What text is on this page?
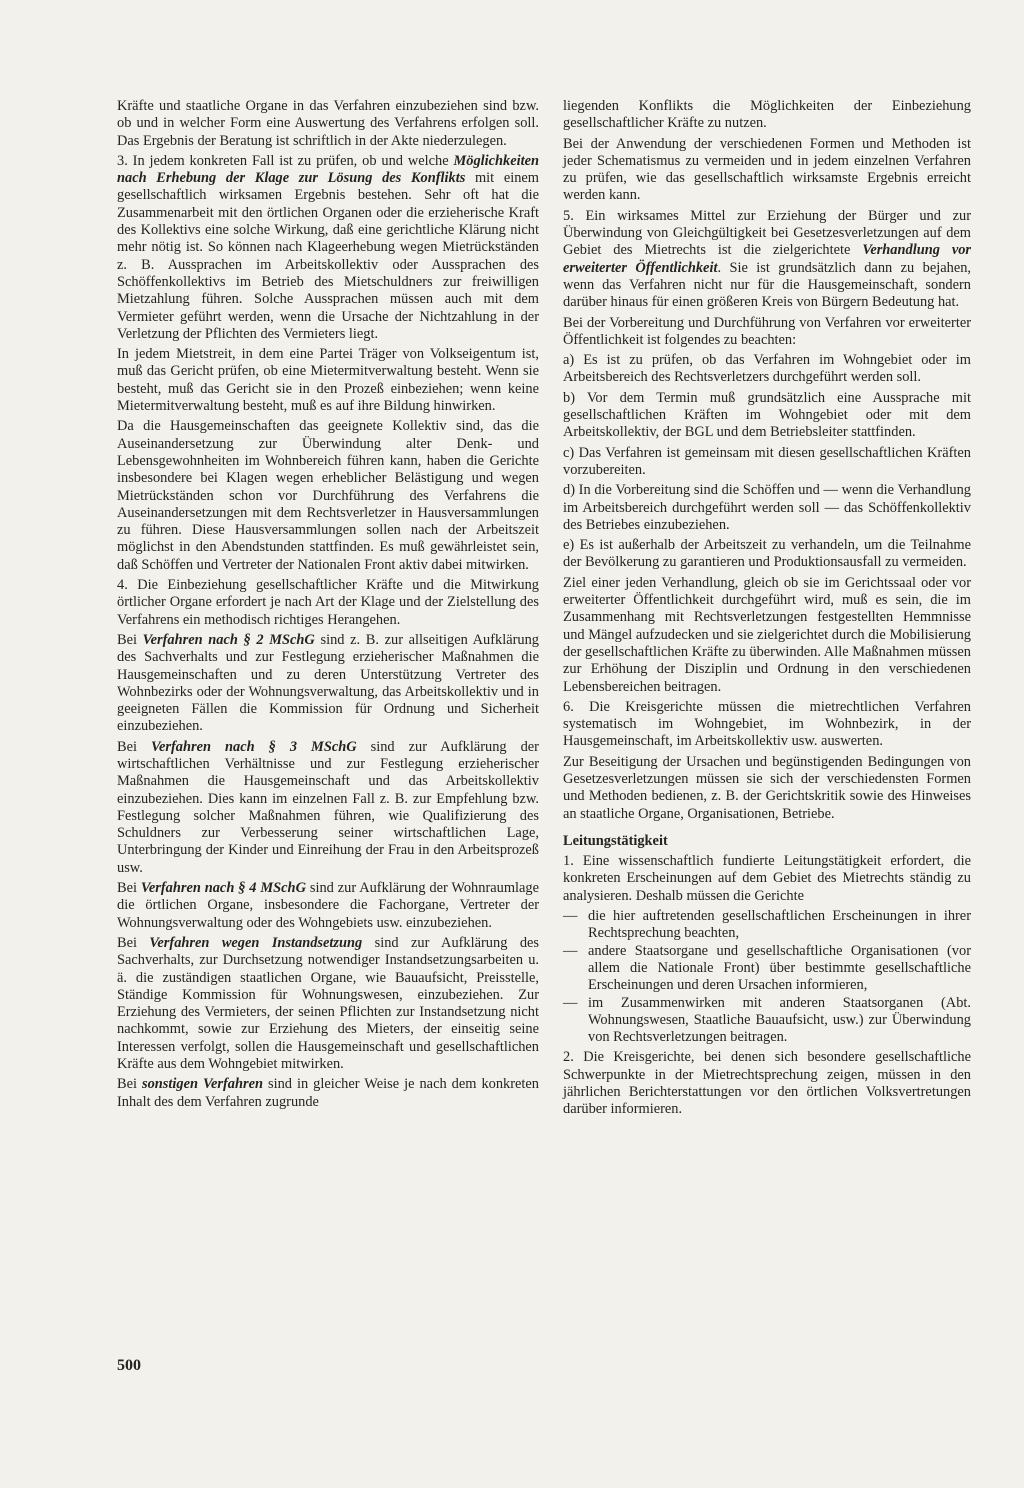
Kräfte und staatliche Organe in das Verfahren einzubeziehen sind bzw. ob und in welcher Form eine Auswertung des Verfahrens erfolgen soll. Das Ergebnis der Beratung ist schriftlich in der Akte niederzulegen.

3. In jedem konkreten Fall ist zu prüfen, ob und welche Möglichkeiten nach Erhebung der Klage zur Lösung des Konflikts mit einem gesellschaftlich wirksamen Ergebnis bestehen. Sehr oft hat die Zusammenarbeit mit den örtlichen Organen oder die erzieherische Kraft des Kollektivs eine solche Wirkung, daß eine gerichtliche Klärung nicht mehr nötig ist. So können nach Klageerhebung wegen Mietrückständen z. B. Aussprachen im Arbeitskollektiv oder Aussprachen des Schöffenkollektivs im Betrieb des Mietschuldners zur freiwilligen Mietzahlung führen. Solche Aussprachen müssen auch mit dem Vermieter geführt werden, wenn die Ursache der Nichtzahlung in der Verletzung der Pflichten des Vermieters liegt.

In jedem Mietstreit, in dem eine Partei Träger von Volkseigentum ist, muß das Gericht prüfen, ob eine Mietermitverwaltung besteht. Wenn sie besteht, muß das Gericht sie in den Prozeß einbeziehen; wenn keine Mietermitverwaltung besteht, muß es auf ihre Bildung hinwirken.

Da die Hausgemeinschaften das geeignete Kollektiv sind, das die Auseinandersetzung zur Überwindung alter Denk- und Lebensgewohnheiten im Wohnbereich führen kann, haben die Gerichte insbesondere bei Klagen wegen erheblicher Belästigung und wegen Mietrückständen schon vor Durchführung des Verfahrens die Auseinandersetzungen mit dem Rechtsverletzer in Hausversammlungen zu führen. Diese Hausversammlungen sollen nach der Arbeitszeit möglichst in den Abendstunden stattfinden. Es muß gewährleistet sein, daß Schöffen und Vertreter der Nationalen Front aktiv dabei mitwirken.

4. Die Einbeziehung gesellschaftlicher Kräfte und die Mitwirkung örtlicher Organe erfordert je nach Art der Klage und der Zielstellung des Verfahrens ein methodisch richtiges Herangehen.

Bei Verfahren nach § 2 MSchG sind z. B. zur allseitigen Aufklärung des Sachverhalts und zur Festlegung erzieherischer Maßnahmen die Hausgemeinschaften und zu deren Unterstützung Vertreter des Wohnbezirks oder der Wohnungsverwaltung, das Arbeitskollektiv und in geeigneten Fällen die Kommission für Ordnung und Sicherheit einzubeziehen.

Bei Verfahren nach § 3 MSchG sind zur Aufklärung der wirtschaftlichen Verhältnisse und zur Festlegung erzieherischer Maßnahmen die Hausgemeinschaft und das Arbeitskollektiv einzubeziehen. Dies kann im einzelnen Fall z. B. zur Empfehlung bzw. Festlegung solcher Maßnahmen führen, wie Qualifizierung des Schuldners zur Verbesserung seiner wirtschaftlichen Lage, Unterbringung der Kinder und Einreihung der Frau in den Arbeitsprozeß usw.

Bei Verfahren nach § 4 MSchG sind zur Aufklärung der Wohnraumlage die örtlichen Organe, insbesondere die Fachorgane, Vertreter der Wohnungsverwaltung oder des Wohngebiets usw. einzubeziehen.

Bei Verfahren wegen Instandsetzung sind zur Aufklärung des Sachverhalts, zur Durchsetzung notwendiger Instandsetzungsarbeiten u. ä. die zuständigen staatlichen Organe, wie Bauaufsicht, Preisstelle, Ständige Kommission für Wohnungswesen, einzubeziehen. Zur Erziehung des Vermieters, der seinen Pflichten zur Instandsetzung nicht nachkommt, sowie zur Erziehung des Mieters, der einseitig seine Interessen verfolgt, sollen die Hausgemeinschaft und gesellschaftlichen Kräfte aus dem Wohngebiet mitwirken.

Bei sonstigen Verfahren sind in gleicher Weise je nach dem konkreten Inhalt des dem Verfahren zugrunde

liegenden Konflikts die Möglichkeiten der Einbeziehung gesellschaftlicher Kräfte zu nutzen.

Bei der Anwendung der verschiedenen Formen und Methoden ist jeder Schematismus zu vermeiden und in jedem einzelnen Verfahren zu prüfen, wie das gesellschaftlich wirksamste Ergebnis erreicht werden kann.

5. Ein wirksames Mittel zur Erziehung der Bürger und zur Überwindung von Gleichgültigkeit bei Gesetzesverletzungen auf dem Gebiet des Mietrechts ist die zielgerichtete Verhandlung vor erweiterter Öffentlichkeit. Sie ist grundsätzlich dann zu bejahen, wenn das Verfahren nicht nur für die Hausgemeinschaft, sondern darüber hinaus für einen größeren Kreis von Bürgern Bedeutung hat.

Bei der Vorbereitung und Durchführung von Verfahren vor erweiterter Öffentlichkeit ist folgendes zu beachten:

a) Es ist zu prüfen, ob das Verfahren im Wohngebiet oder im Arbeitsbereich des Rechtsverletzers durchgeführt werden soll.

b) Vor dem Termin muß grundsätzlich eine Aussprache mit gesellschaftlichen Kräften im Wohngebiet oder mit dem Arbeitskollektiv, der BGL und dem Betriebsleiter stattfinden.

c) Das Verfahren ist gemeinsam mit diesen gesellschaftlichen Kräften vorzubereiten.

d) In die Vorbereitung sind die Schöffen und — wenn die Verhandlung im Arbeitsbereich durchgeführt werden soll — das Schöffenkollektiv des Betriebes einzubeziehen.

e) Es ist außerhalb der Arbeitszeit zu verhandeln, um die Teilnahme der Bevölkerung zu garantieren und Produktionsausfall zu vermeiden.

Ziel einer jeden Verhandlung, gleich ob sie im Gerichtssaal oder vor erweiterter Öffentlichkeit durchgeführt wird, muß es sein, die im Zusammenhang mit Rechtsverletzungen festgestellten Hemmnisse und Mängel aufzudecken und sie zielgerichtet durch die Mobilisierung der gesellschaftlichen Kräfte zu überwinden. Alle Maßnahmen müssen zur Erhöhung der Disziplin und Ordnung in den verschiedenen Lebensbereichen beitragen.

6. Die Kreisgerichte müssen die mietrechtlichen Verfahren systematisch im Wohngebiet, im Wohnbezirk, in der Hausgemeinschaft, im Arbeitskollektiv usw. auswerten.

Zur Beseitigung der Ursachen und begünstigenden Bedingungen von Gesetzesverletzungen müssen sie sich der verschiedensten Formen und Methoden bedienen, z. B. der Gerichtskritik sowie des Hinweises an staatliche Organe, Organisationen, Betriebe.

Leitungstätigkeit

1. Eine wissenschaftlich fundierte Leitungstätigkeit erfordert, die konkreten Erscheinungen auf dem Gebiet des Mietrechts ständig zu analysieren. Deshalb müssen die Gerichte

— die hier auftretenden gesellschaftlichen Erscheinungen in ihrer Rechtsprechung beachten,
— andere Staatsorgane und gesellschaftliche Organisationen (vor allem die Nationale Front) über bestimmte gesellschaftliche Erscheinungen und deren Ursachen informieren,
— im Zusammenwirken mit anderen Staatsorganen (Abt. Wohnungswesen, Staatliche Bauaufsicht, usw.) zur Überwindung von Rechtsverletzungen beitragen.

2. Die Kreisgerichte, bei denen sich besondere gesellschaftliche Schwerpunkte in der Mietrechtsprechung zeigen, müssen in den jährlichen Berichterstattungen vor den örtlichen Volksvertretungen darüber informieren.

500
